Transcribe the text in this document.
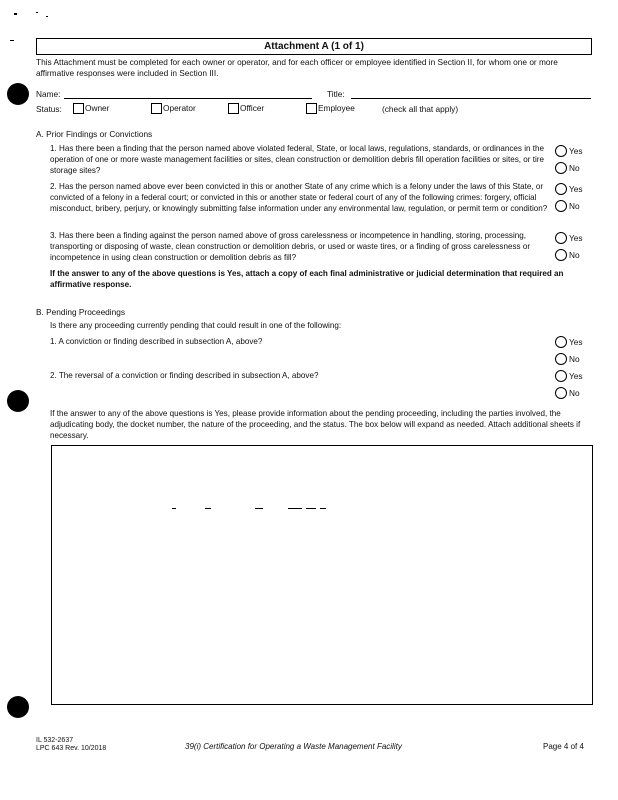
Attachment A (1 of 1)
This Attachment must be completed for each owner or operator, and for each officer or employee identified in Section II, for whom one or more affirmative responses were included in Section III.
Name:	Title:
Status:	Owner	Operator	Officer	Employee	(check all that apply)
A. Prior Findings or Convictions
1. Has there been a finding that the person named above violated federal, State, or local laws, regulations, standards, or ordinances in the operation of one or more waste management facilities or sites, clean construction or demolition debris fill operation facilities or sites, or tire storage sites?
Yes
No
2. Has the person named above ever been convicted in this or another State of any crime which is a felony under the laws of this State, or convicted of a felony in a federal court; or convicted in this or another state or federal court of any of the following crimes: forgery, official misconduct, bribery, perjury, or knowingly submitting false information under any environmental law, regulation, or permit term or condition?
Yes
No
3. Has there been a finding against the person named above of gross carelessness or incompetence in handling, storing, processing, transporting or disposing of waste, clean construction or demolition debris, or used or waste tires, or a finding of gross carelessness or incompetence in using clean construction or demolition debris as fill?
Yes
No
If the answer to any of the above questions is Yes, attach a copy of each final administrative or judicial determination that required an affirmative response.
B. Pending Proceedings
Is there any proceeding currently pending that could result in one of the following:
1. A conviction or finding described in subsection A, above?	Yes
No
2. The reversal of a conviction or finding described in subsection A, above?	Yes
No
If the answer to any of the above questions is Yes, please provide information about the pending proceeding, including the parties involved, the adjudicating body, the docket number, the nature of the proceeding, and the status. The box below will expand as needed. Attach additional sheets if necessary.
IL 532-2637
LPC 643 Rev. 10/2018	39(i) Certification for Operating a Waste Management Facility	Page 4 of 4
